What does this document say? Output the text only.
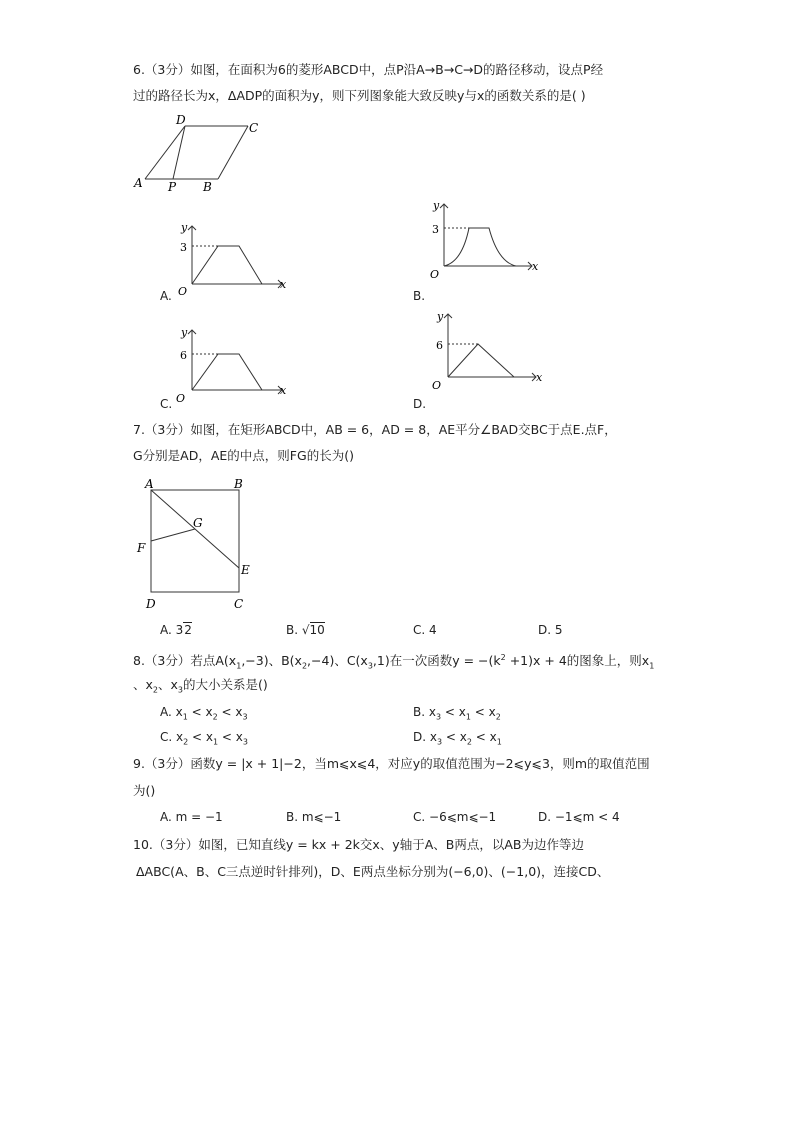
6.（3分）如图，在面积为6的菱形ABCD中，点P沿A→B→C→D的路径移动，设点P经
过的路径长为x，ΔADP的面积为y，则下列图象能大致反映y与x的函数关系的是( )
A P B
C
D
A.
y
3
O
x
B.
y
3
O
x
C.
y
6
O
x
D.
y
6
O
x
7.（3分）如图，在矩形ABCD中，AB = 6，AD = 8，AE平分∠BAD交BC于点E.点F，
G分别是AD，AE的中点，则FG的长为()
A	B
G
F
E
D	C
A. 32	B. √10	C. 4	D. 5
8.（3分）若点$A(x_1,-3)$、$B(x_2,-4)$、$C(x_3,1)$在一次函数$y = -(k^2 +1)x + 4$的图象上，则$x_1$
、$x_2$、$x_3$的大小关系是()
A. $x_1 < x_2 < x_3$	B. $x_3 < x_1 < x_2$
C. $x_2 < x_1 < x_3$	D. $x_3 < x_2 < x_1$
9.（3分）函数y = |x + 1|−2，当m⩽x⩽4，对应y的取值范围为−2⩽y⩽3，则m的取值范围
为()
A. m = −1	B. m⩽−1	C. −6⩽m⩽−1	D. −1⩽m < 4
10.（3分）如图，已知直线y = kx + 2k交x、y轴于A、B两点，以AB为边作等边
ΔABC(A、B、C三点逆时针排列)，D、E两点坐标分别为(−6,0)、(−1,0)，连接CD、
